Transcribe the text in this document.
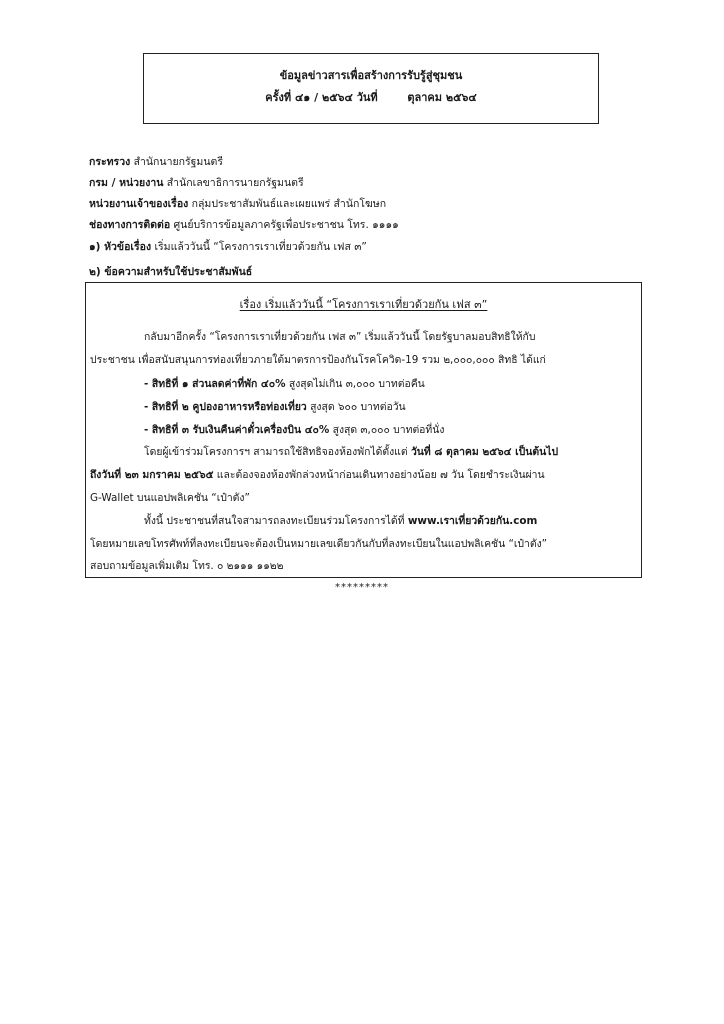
ข้อมูลข่าวสารเพื่อสร้างการรับรู้สู่ชุมชน
ครั้งที่ ๔๑ / ๒๕๖๔ วันที่	ตุลาคม ๒๕๖๔
กระทรวง สำนักนายกรัฐมนตรี
กรม / หน่วยงาน สำนักเลขาธิการนายกรัฐมนตรี
หน่วยงานเจ้าของเรื่อง กลุ่มประชาสัมพันธ์และเผยแพร่ สำนักโฆษก
ช่องทางการติดต่อ ศูนย์บริการข้อมูลภาครัฐเพื่อประชาชน โทร. ๑๑๑๑
๑) หัวข้อเรื่อง เริ่มแล้ววันนี้ “โครงการเราเที่ยวด้วยกัน เฟส ๓”
๒) ข้อความสำหรับใช้ประชาสัมพันธ์
เรื่อง เริ่มแล้ววันนี้ “โครงการเราเที่ยวด้วยกัน เฟส ๓”
กลับมาอีกครั้ง “โครงการเราเที่ยวด้วยกัน เฟส ๓” เริ่มแล้ววันนี้ โดยรัฐบาลมอบสิทธิให้กับ
ประชาชน เพื่อสนับสนุนการท่องเที่ยวภายใต้มาตรการป้องกันโรคโควิด-19 รวม ๒,๐๐๐,๐๐๐ สิทธิ ได้แก่
- สิทธิที่ ๑ ส่วนลดค่าที่พัก ๔๐% สูงสุดไม่เกิน ๓,๐๐๐ บาทต่อคืน
- สิทธิที่ ๒ คูปองอาหารหรือท่องเที่ยว สูงสุด ๖๐๐ บาทต่อวัน
- สิทธิที่ ๓ รับเงินคืนค่าตั๋วเครื่องบิน ๔๐% สูงสุด ๓,๐๐๐ บาทต่อที่นั่ง
โดยผู้เข้าร่วมโครงการฯ สามารถใช้สิทธิจองห้องพักได้ตั้งแต่ วันที่ ๘ ตุลาคม ๒๕๖๔ เป็นต้นไป
ถึงวันที่ ๒๓ มกราคม ๒๕๖๕ และต้องจองห้องพักล่วงหน้าก่อนเดินทางอย่างน้อย ๗ วัน โดยชำระเงินผ่าน
G-Wallet บนแอปพลิเคชัน “เป๋าตัง”
ทั้งนี้ ประชาชนที่สนใจสามารถลงทะเบียนร่วมโครงการได้ที่ www.เราเที่ยวด้วยกัน.com
โดยหมายเลขโทรศัพท์ที่ลงทะเบียนจะต้องเป็นหมายเลขเดียวกันกับที่ลงทะเบียนในแอปพลิเคชัน “เป๋าตัง”
สอบถามข้อมูลเพิ่มเติม โทร. ๐ ๒๑๑๑ ๑๑๒๒
*********
